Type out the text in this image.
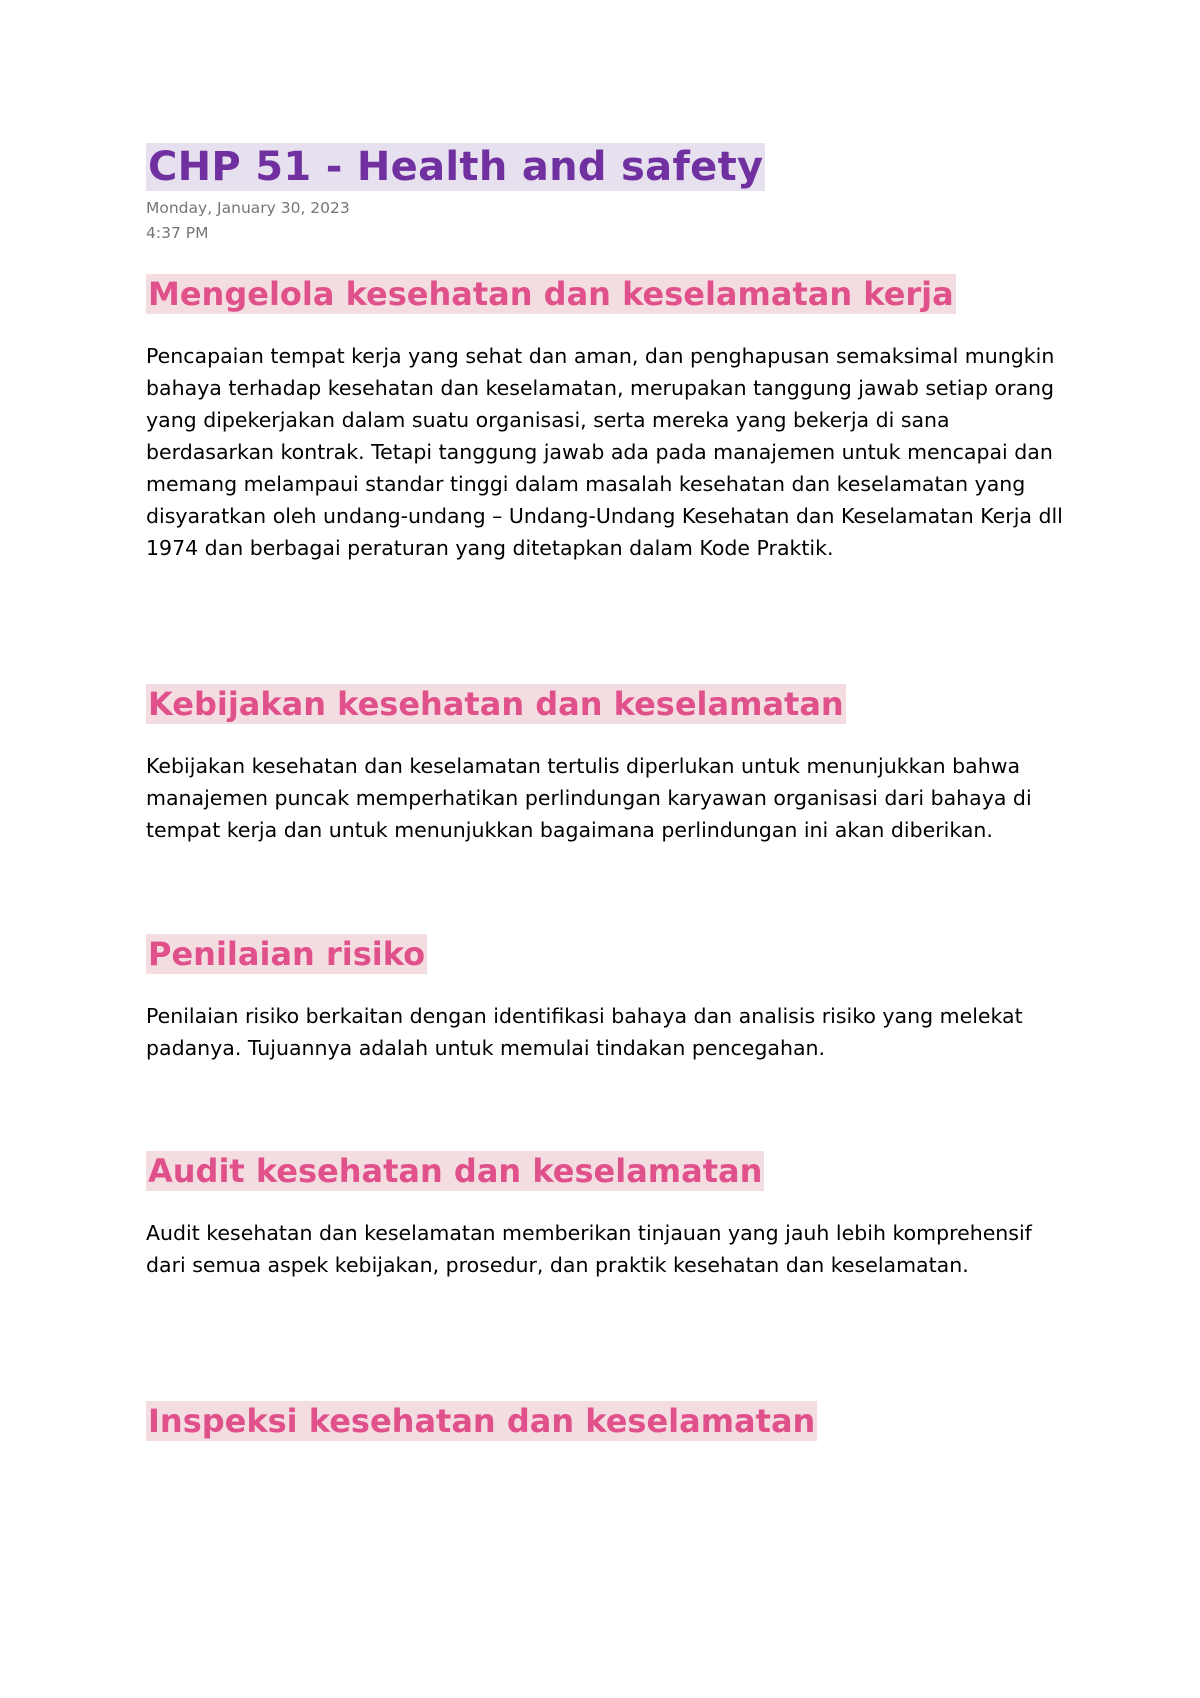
CHP 51 - Health and safety
Monday, January 30, 2023
4:37 PM
Mengelola kesehatan dan keselamatan kerja

Pencapaian tempat kerja yang sehat dan aman, dan penghapusan semaksimal mungkin bahaya terhadap kesehatan dan keselamatan, merupakan tanggung jawab setiap orang yang dipekerjakan dalam suatu organisasi, serta mereka yang bekerja di sana berdasarkan kontrak. Tetapi tanggung jawab ada pada manajemen untuk mencapai dan memang melampaui standar tinggi dalam masalah kesehatan dan keselamatan yang disyaratkan oleh undang-undang – Undang-Undang Kesehatan dan Keselamatan Kerja dll 1974 dan berbagai peraturan yang ditetapkan dalam Kode Praktik.

Kebijakan kesehatan dan keselamatan

Kebijakan kesehatan dan keselamatan tertulis diperlukan untuk menunjukkan bahwa manajemen puncak memperhatikan perlindungan karyawan organisasi dari bahaya di tempat kerja dan untuk menunjukkan bagaimana perlindungan ini akan diberikan.

Penilaian risiko

Penilaian risiko berkaitan dengan identifikasi bahaya dan analisis risiko yang melekat padanya. Tujuannya adalah untuk memulai tindakan pencegahan.

Audit kesehatan dan keselamatan

Audit kesehatan dan keselamatan memberikan tinjauan yang jauh lebih komprehensif dari semua aspek kebijakan, prosedur, dan praktik kesehatan dan keselamatan.

Inspeksi kesehatan dan keselamatan
